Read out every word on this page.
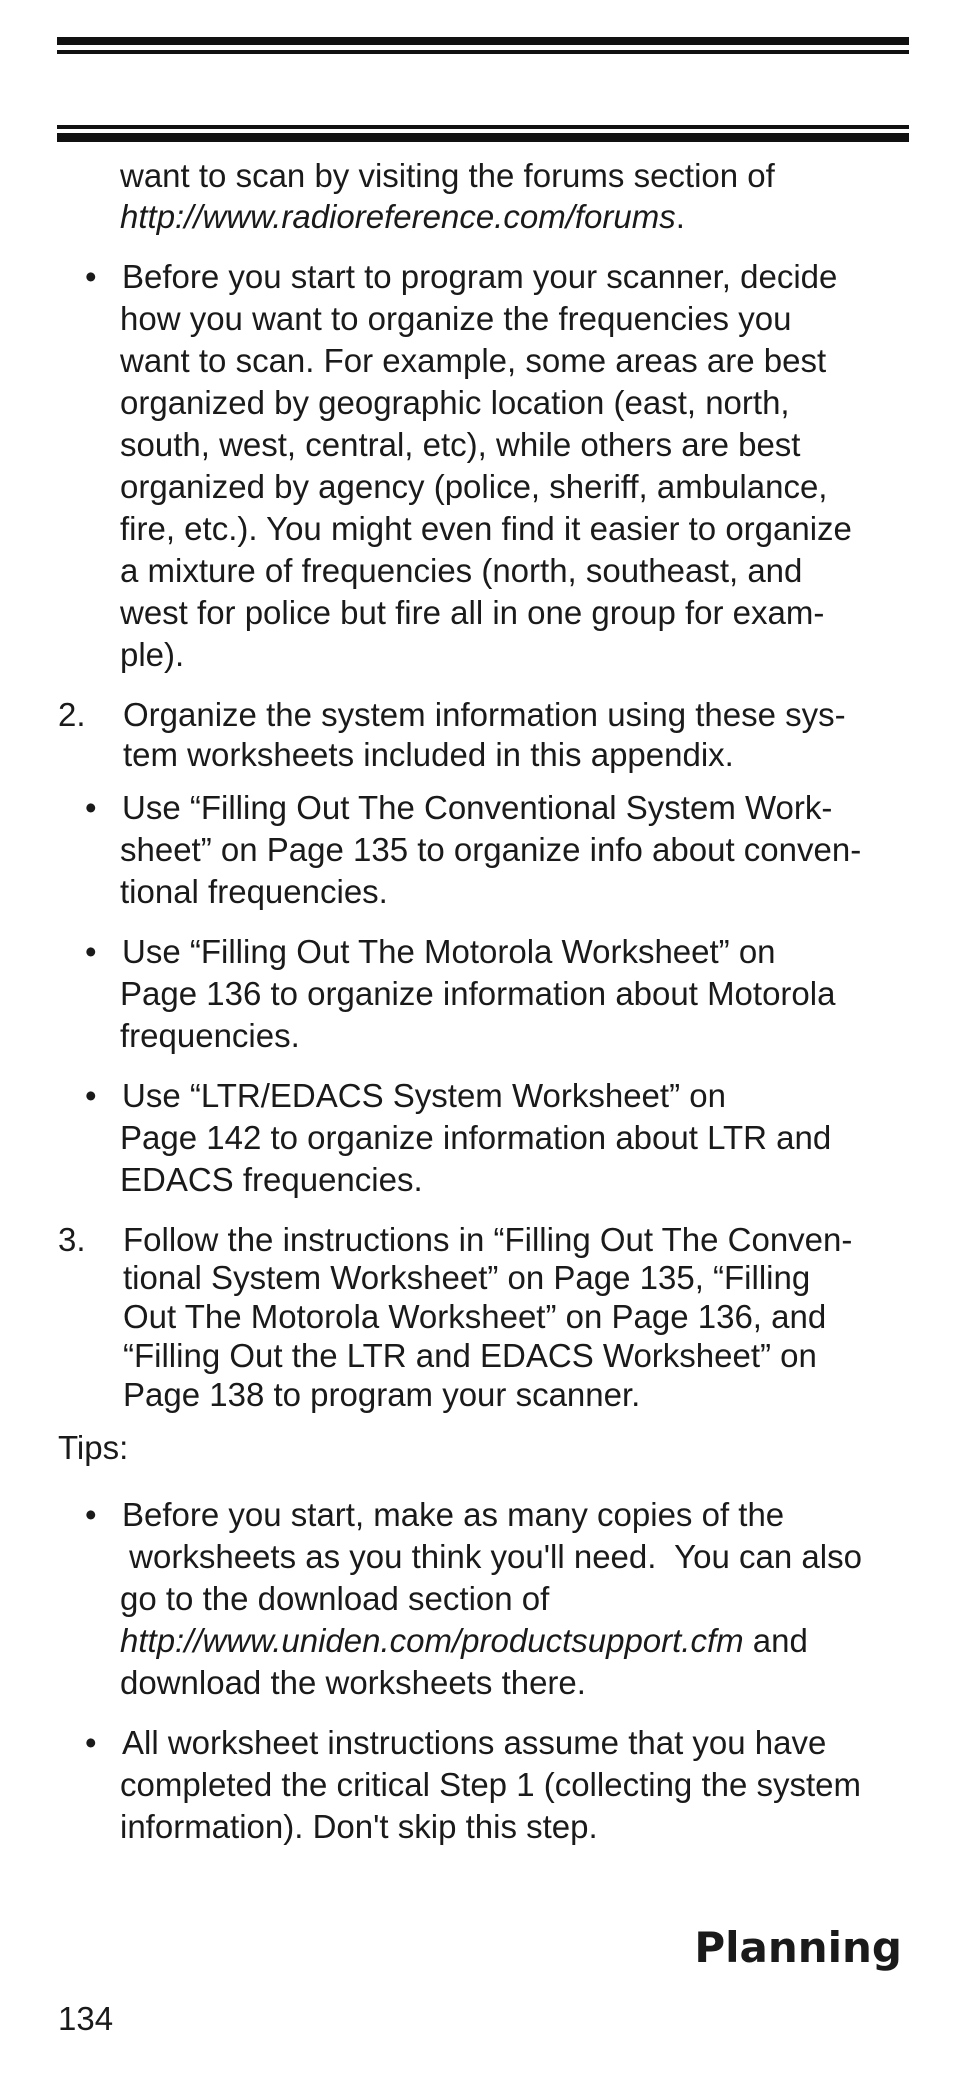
want to scan by visiting the forums section of
http://www.radioreference.com/forums.
• Before you start to program your scanner, decide
how you want to organize the frequencies you
want to scan. For example, some areas are best
organized by geographic location (east, north,
south, west, central, etc), while others are best
organized by agency (police, sheriff, ambulance,
fire, etc.). You might even find it easier to organize
a mixture of frequencies (north, southeast, and
west for police but fire all in one group for exam-
ple).
2. Organize the system information using these sys-
tem worksheets included in this appendix.
• Use “Filling Out The Conventional System Work-
sheet” on Page 135 to organize info about conven-
tional frequencies.
• Use “Filling Out The Motorola Worksheet” on
Page 136 to organize information about Motorola
frequencies.
• Use “LTR/EDACS System Worksheet” on
Page 142 to organize information about LTR and
EDACS frequencies.
3. Follow the instructions in “Filling Out The Conven-
tional System Worksheet” on Page 135, “Filling
Out The Motorola Worksheet” on Page 136, and
“Filling Out the LTR and EDACS Worksheet” on
Page 138 to program your scanner.
Tips:
• Before you start, make as many copies of the
worksheets as you think you'll need.  You can also
go to the download section of
http://www.uniden.com/productsupport.cfm and
download the worksheets there.
• All worksheet instructions assume that you have
completed the critical Step 1 (collecting the system
information). Don't skip this step.
Planning
134
